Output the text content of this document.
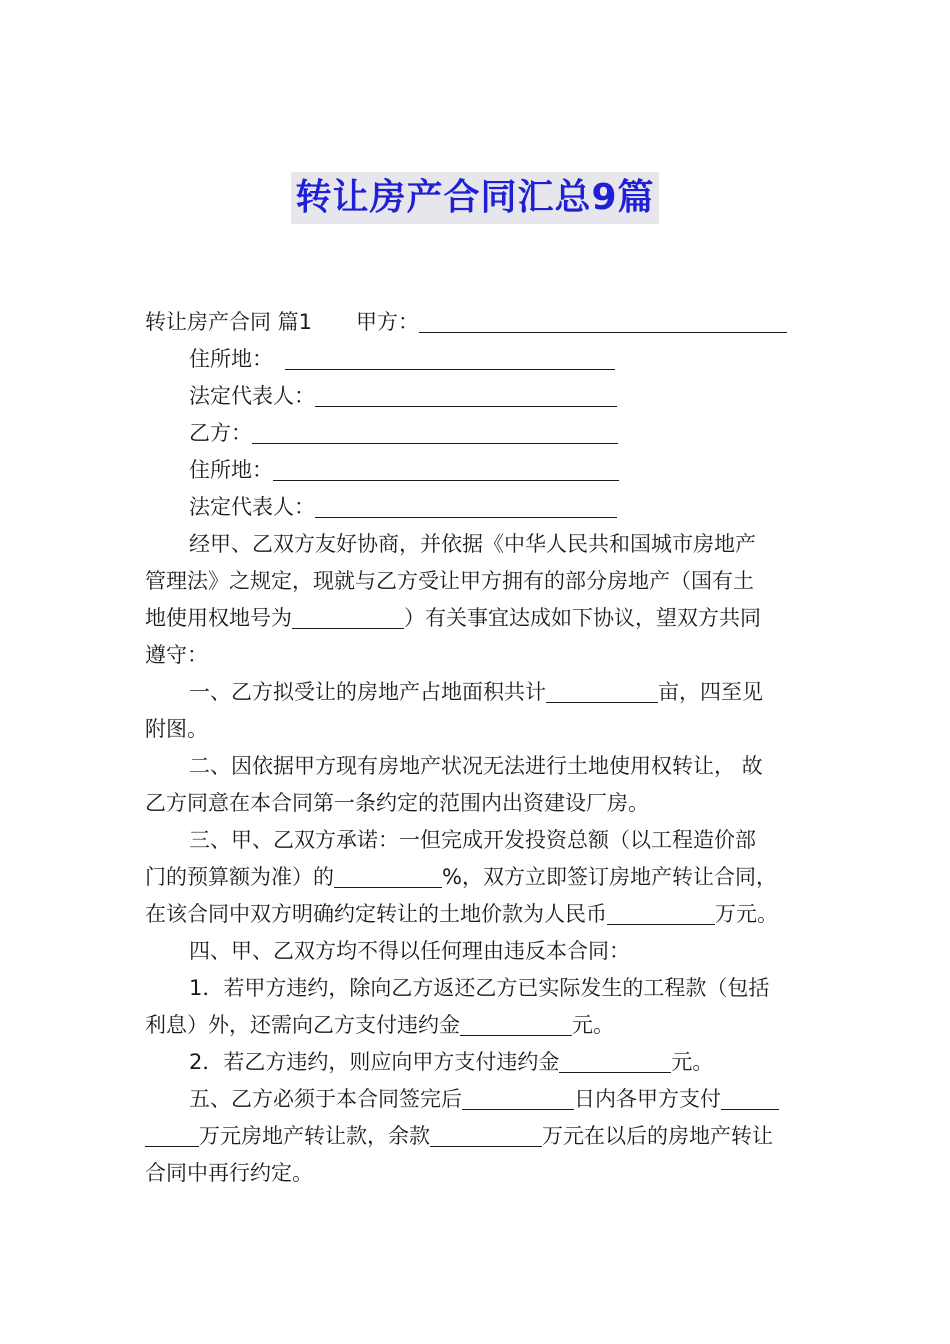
转让房产合同汇总9篇
转让房产合同 篇1 甲方：
住所地：
法定代表人：
乙方：
住所地：
法定代表人：
经甲、乙双方友好协商，并依据《中华人民共和国城市房地产
管理法》之规定，现就与乙方受让甲方拥有的部分房地产（国有土
地使用权地号为	）有关事宜达成如下协议，望双方共同
遵守：
一、乙方拟受让的房地产占地面积共计	亩，四至见
附图。
二、因依据甲方现有房地产状况无法进行土地使用权转让， 故
乙方同意在本合同第一条约定的范围内出资建设厂房。
三、甲、乙双方承诺：一但完成开发投资总额（以工程造价部
门的预算额为准）的	%，双方立即签订房地产转让合同，
在该合同中双方明确约定转让的土地价款为人民币	万元。
四、甲、乙双方均不得以任何理由违反本合同：
1．若甲方违约，除向乙方返还乙方已实际发生的工程款（包括
利息）外，还需向乙方支付违约金	元。
2．若乙方违约，则应向甲方支付违约金	元。
五、乙方必须于本合同签完后	日内各甲方支付
万元房地产转让款，余款	万元在以后的房地产转让
合同中再行约定。
